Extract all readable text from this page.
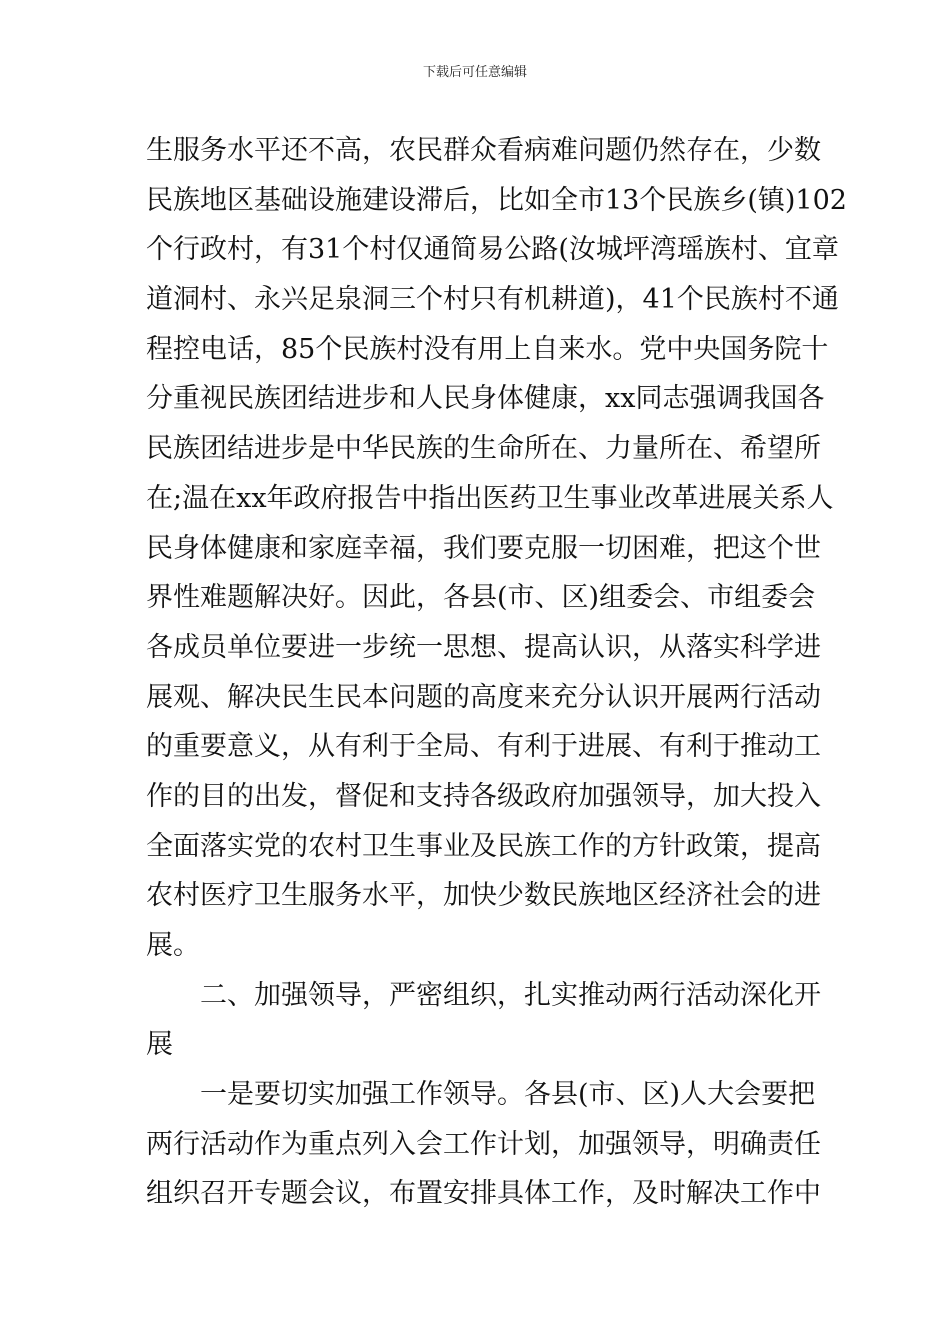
下载后可任意编辑
生服务水平还不高，农民群众看病难问题仍然存在，少数
民族地区基础设施建设滞后，比如全市13个民族乡(镇)102
个行政村，有31个村仅通简易公路(汝城坪湾瑶族村、宜章
道洞村、永兴足泉洞三个村只有机耕道)，41个民族村不通
程控电话，85个民族村没有用上自来水。党中央国务院十
分重视民族团结进步和人民身体健康，xx同志强调我国各
民族团结进步是中华民族的生命所在、力量所在、希望所
在;温在xx年政府报告中指出医药卫生事业改革进展关系人
民身体健康和家庭幸福，我们要克服一切困难，把这个世
界性难题解决好。因此，各县(市、区)组委会、市组委会
各成员单位要进一步统一思想、提高认识，从落实科学进
展观、解决民生民本问题的高度来充分认识开展两行活动
的重要意义，从有利于全局、有利于进展、有利于推动工
作的目的出发，督促和支持各级政府加强领导，加大投入
全面落实党的农村卫生事业及民族工作的方针政策，提高
农村医疗卫生服务水平，加快少数民族地区经济社会的进
展。
二、加强领导，严密组织，扎实推动两行活动深化开
展
一是要切实加强工作领导。各县(市、区)人大会要把
两行活动作为重点列入会工作计划，加强领导，明确责任
组织召开专题会议，布置安排具体工作，及时解决工作中
